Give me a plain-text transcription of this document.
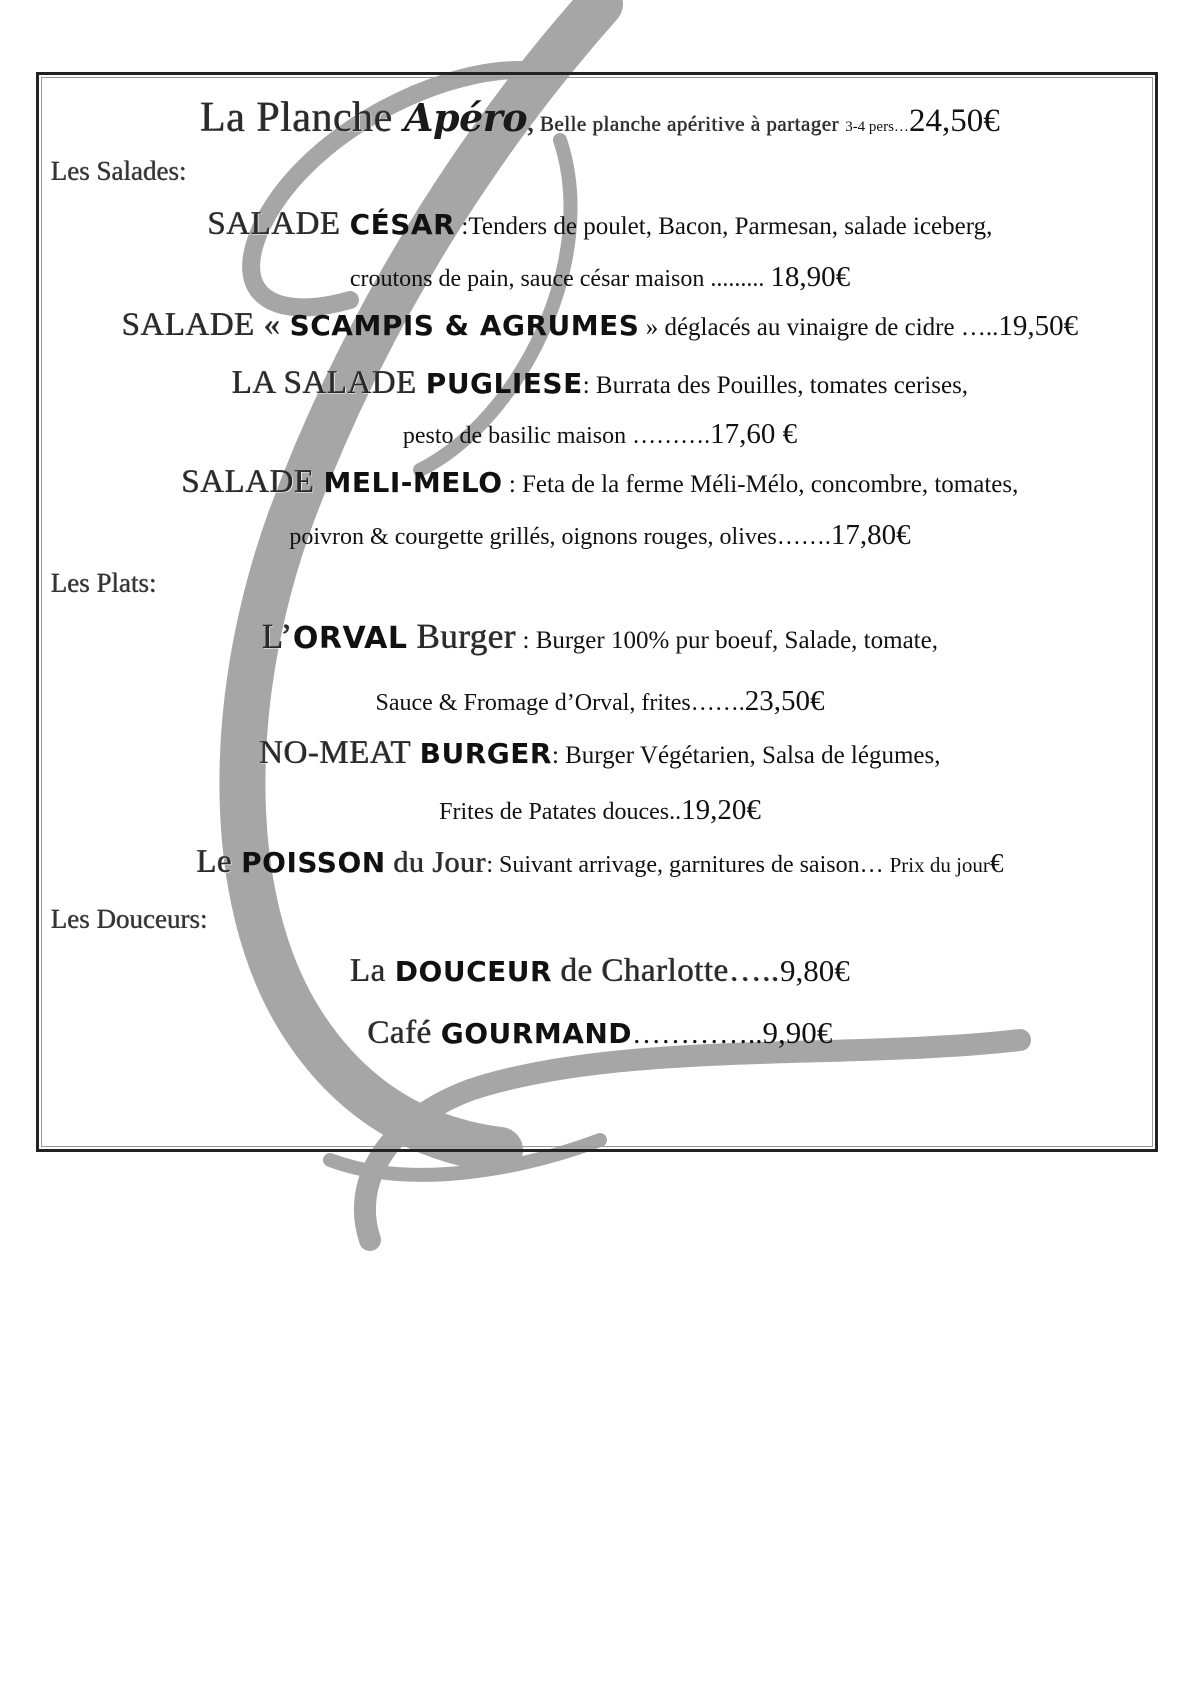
La Planche Apéro, Belle planche apéritive à partager 3-4 pers…24,50€
Les Salades:
SALADE CÉSAR :Tenders de poulet, Bacon, Parmesan, salade iceberg,
croutons de pain, sauce césar maison ......... 18,90€
SALADE « SCAMPIS & AGRUMES » déglacés au vinaigre de cidre …..19,50€
LA SALADE PUGLIESE: Burrata des Pouilles, tomates cerises,
pesto de basilic maison ……….17,60 €
SALADE MELI-MELO : Feta de la ferme Méli-Mélo, concombre, tomates,
poivron & courgette grillés, oignons rouges, olives…….17,80€
Les Plats:
L’ORVAL Burger : Burger 100% pur boeuf, Salade, tomate,
Sauce & Fromage d’Orval, frites…….23,50€
NO-MEAT BURGER: Burger Végétarien, Salsa de légumes,
Frites de Patates douces..19,20€
Le POISSON du Jour: Suivant arrivage, garnitures de saison… Prix du jour€
Les Douceurs:
La DOUCEUR de Charlotte…..9,80€
Café GOURMAND…………..9,90€
